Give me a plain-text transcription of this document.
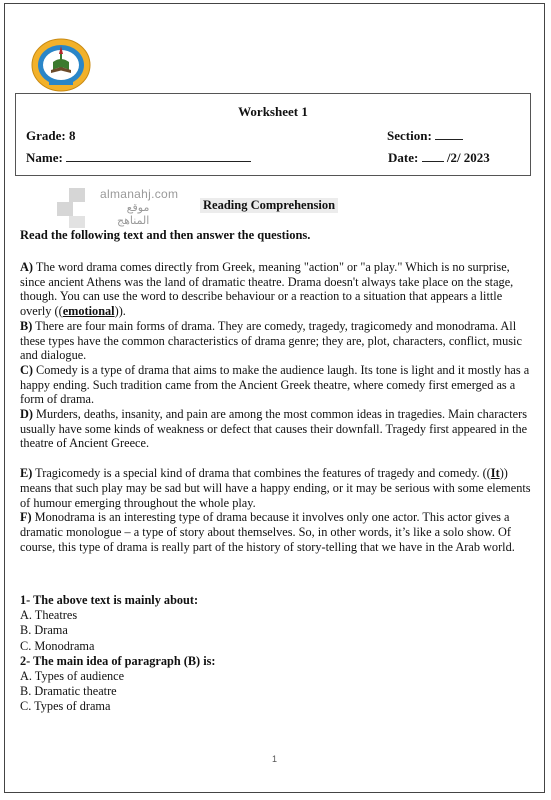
Worksheet 1
Grade: 8	Section:
Name:	Date: /2/ 2023
almanahj.com
موقع
المناهج
Reading Comprehension
Read the following text and then answer the questions.

A) The word drama comes directly from Greek, meaning "action" or "a play." Which is no surprise, since ancient Athens was the land of dramatic theatre. Drama doesn't always take place on the stage, though. You can use the word to describe behaviour or a reaction to a situation that appears a little overly ((emotional)).

B) There are four main forms of drama. They are comedy, tragedy, tragicomedy and monodrama. All these types have the common characteristics of drama genre; they are, plot, characters, conflict, music and dialogue.

C) Comedy is a type of drama that aims to make the audience laugh. Its tone is light and it mostly has a happy ending. Such tradition came from the Ancient Greek theatre, where comedy first emerged as a form of drama.

D) Murders, deaths, insanity, and pain are among the most common ideas in tragedies. Main characters usually have some kinds of weakness or defect that causes their downfall. Tragedy first appeared in the theatre of Ancient Greece.

E) Tragicomedy is a special kind of drama that combines the features of tragedy and comedy. ((It)) means that such play may be sad but will have a happy ending, or it may be serious with some elements of humour emerging throughout the whole play.

F) Monodrama is an interesting type of drama because it involves only one actor. This actor gives a dramatic monologue – a type of story about themselves. So, in other words, it’s like a solo show. Of course, this type of drama is really part of the history of story-telling that we have in the Arab world.

1- The above text is mainly about:
A. Theatres
B. Drama
C. Monodrama
2- The main idea of paragraph (B) is:
A. Types of audience
B. Dramatic theatre
C. Types of drama
1
